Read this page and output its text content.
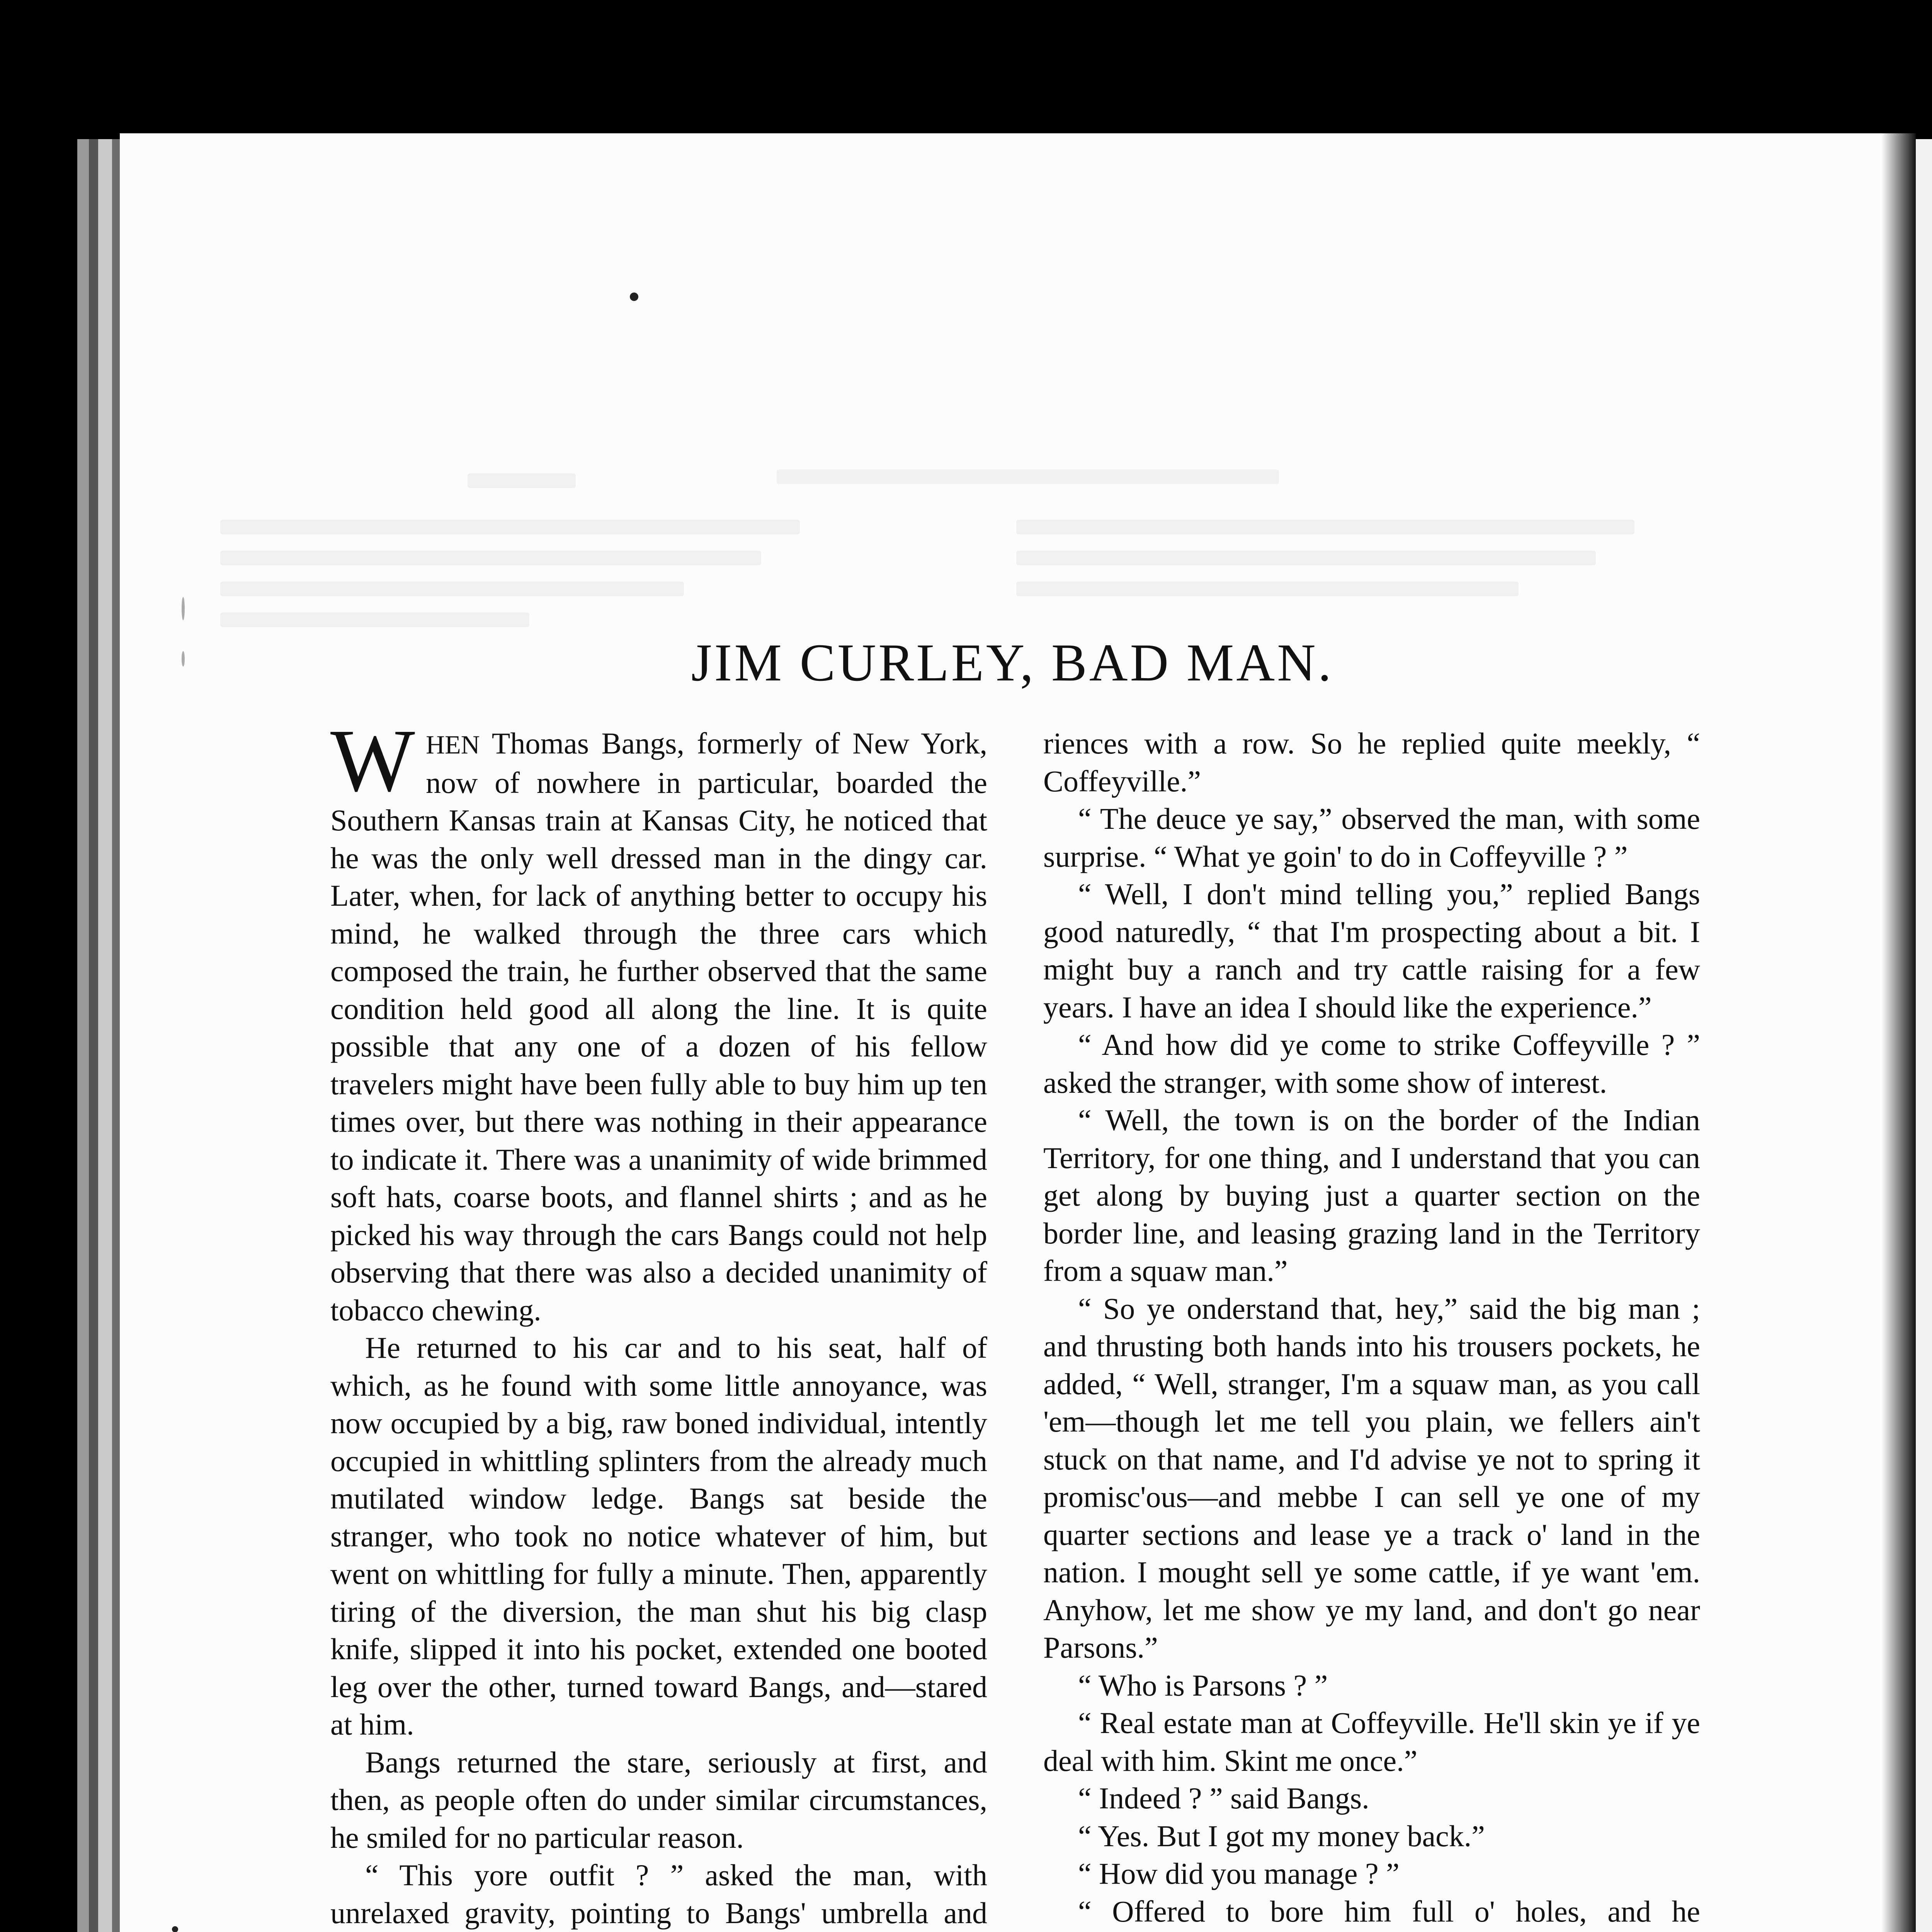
JIM CURLEY, BAD MAN.

WHEN Thomas Bangs, formerly of New York, now of nowhere in particular, boarded the Southern Kansas train at Kansas City, he noticed that he was the only well dressed man in the dingy car. Later, when, for lack of anything better to occupy his mind, he walked through the three cars which composed the train, he further observed that the same condition held good all along the line. It is quite possible that any one of a dozen of his fellow travelers might have been fully able to buy him up ten times over, but there was nothing in their appearance to indicate it. There was a unanimity of wide brimmed soft hats, coarse boots, and flannel shirts ; and as he picked his way through the cars Bangs could not help observing that there was also a decided unanimity of tobacco chewing.

He returned to his car and to his seat, half of which, as he found with some little annoyance, was now occupied by a big, raw boned individual, intently occupied in whittling splinters from the already much mutilated window ledge. Bangs sat beside the stranger, who took no notice whatever of him, but went on whittling for fully a minute. Then, apparently tiring of the diversion, the man shut his big clasp knife, slipped it into his pocket, extended one booted leg over the other, turned toward Bangs, and—stared at him.

Bangs returned the stare, seriously at first, and then, as people often do under similar circumstances, he smiled for no particular reason.

“ This yore outfit ? ” asked the man, with unrelaxed gravity, pointing to Bangs' umbrella and

riences with a row. So he replied quite meekly, “ Coffeyville.”

“ The deuce ye say,” observed the man, with some surprise. “ What ye goin' to do in Coffeyville ? ”

“ Well, I don't mind telling you,” replied Bangs good naturedly, “ that I'm prospecting about a bit. I might buy a ranch and try cattle raising for a few years. I have an idea I should like the experience.”

“ And how did ye come to strike Coffeyville ? ” asked the stranger, with some show of interest.

“ Well, the town is on the border of the Indian Territory, for one thing, and I understand that you can get along by buying just a quarter section on the border line, and leasing grazing land in the Territory from a squaw man.”

“ So ye onderstand that, hey,” said the big man ; and thrusting both hands into his trousers pockets, he added, “ Well, stranger, I'm a squaw man, as you call 'em—though let me tell you plain, we fellers ain't stuck on that name, and I'd advise ye not to spring it promisc'ous—and mebbe I can sell ye one of my quarter sections and lease ye a track o' land in the nation. I mought sell ye some cattle, if ye want 'em. Anyhow, let me show ye my land, and don't go near Parsons.”

“ Who is Parsons ? ”

“ Real estate man at Coffeyville. He'll skin ye if ye deal with him. Skint me once.”

“ Indeed ? ” said Bangs.

“ Yes. But I got my money back.”

“ How did you manage ? ”

“ Offered to bore him full o' holes, and he
